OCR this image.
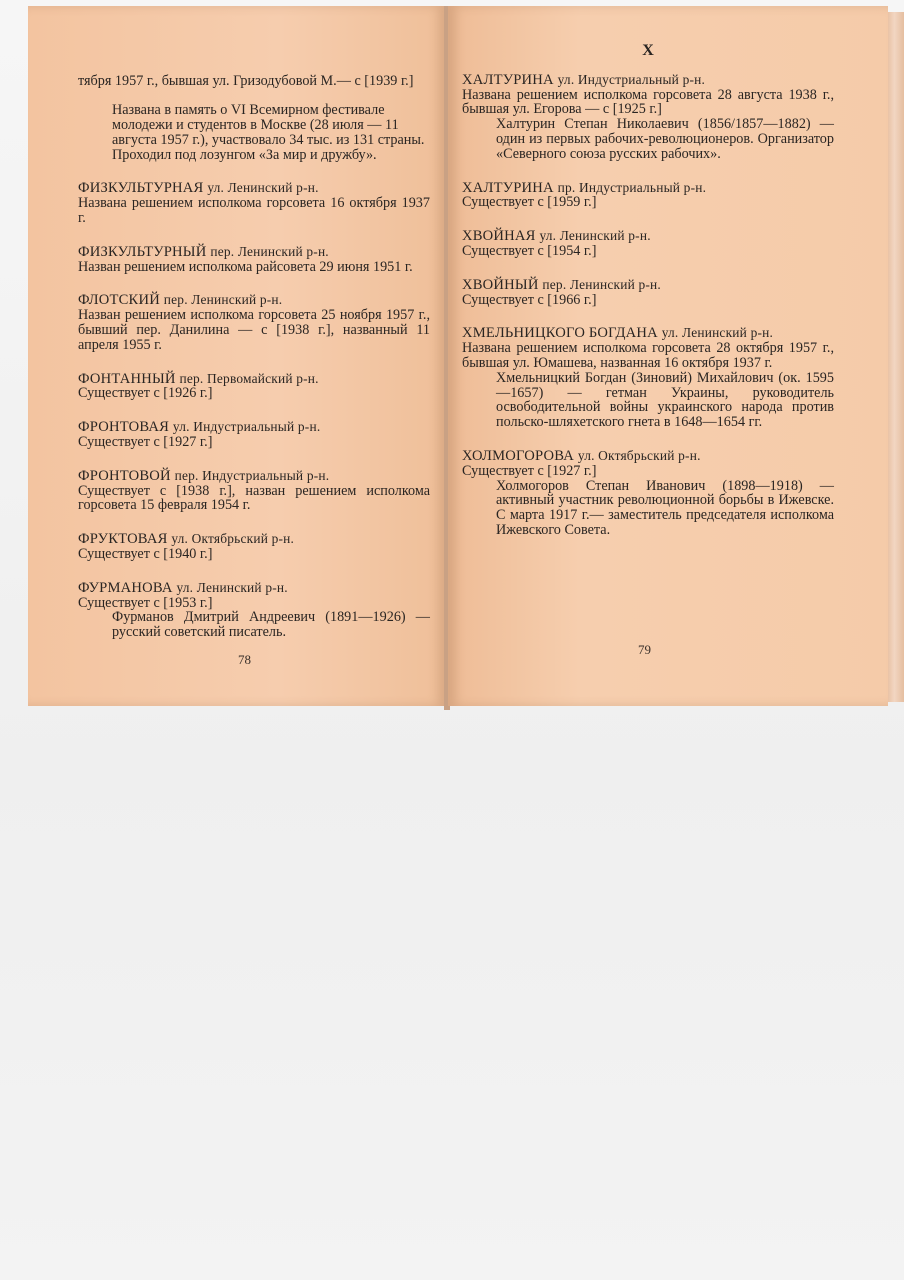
тября 1957 г., бывшая ул. Гризодубовой М.— с [1939 г.]

Названа в память о VI Всемирном фестивале молодежи и студентов в Москве (28 июля — 11 августа 1957 г.), участвовало 34 тыс. из 131 страны. Проходил под лозунгом «За мир и дружбу».

ФИЗКУЛЬТУРНАЯ ул. Ленинский р-н.

Названа решением исполкома горсовета 16 октября 1937 г.

ФИЗКУЛЬТУРНЫЙ пер. Ленинский р-н.

Назван решением исполкома райсовета 29 июня 1951 г.

ФЛОТСКИЙ пер. Ленинский р-н.

Назван решением исполкома горсовета 25 ноября 1957 г., бывший пер. Данилина — с [1938 г.], названный 11 апреля 1955 г.

ФОНТАННЫЙ пер. Первомайский р-н.

Существует с [1926 г.]

ФРОНТОВАЯ ул. Индустриальный р-н.

Существует с [1927 г.]

ФРОНТОВОЙ пер. Индустриальный р-н.

Существует с [1938 г.], назван решением исполкома горсовета 15 февраля 1954 г.

ФРУКТОВАЯ ул. Октябрьский р-н.

Существует с [1940 г.]

ФУРМАНОВА ул. Ленинский р-н.

Существует с [1953 г.]

Фурманов Дмитрий Андреевич (1891—1926) — русский советский писатель.

78

Х

ХАЛТУРИНА ул. Индустриальный р-н.

Названа решением исполкома горсовета 28 августа 1938 г., бывшая ул. Егорова — с [1925 г.]

Халтурин Степан Николаевич (1856/1857—1882) — один из первых рабочих-революционеров. Организатор «Северного союза русских рабочих».

ХАЛТУРИНА пр. Индустриальный р-н.

Существует с [1959 г.]

ХВОЙНАЯ ул. Ленинский р-н.

Существует с [1954 г.]

ХВОЙНЫЙ пер. Ленинский р-н.

Существует с [1966 г.]

ХМЕЛЬНИЦКОГО БОГДАНА ул. Ленинский р-н.

Названа решением исполкома горсовета 28 октября 1957 г., бывшая ул. Юмашева, названная 16 октября 1937 г.

Хмельницкий Богдан (Зиновий) Михайлович (ок. 1595—1657) — гетман Украины, руководитель освободительной войны украинского народа против польско-шляхетского гнета в 1648—1654 гг.

ХОЛМОГОРОВА ул. Октябрьский р-н.

Существует с [1927 г.]

Холмогоров Степан Иванович (1898—1918) — активный участник революционной борьбы в Ижевске. С марта 1917 г.— заместитель председателя исполкома Ижевского Совета.

79
